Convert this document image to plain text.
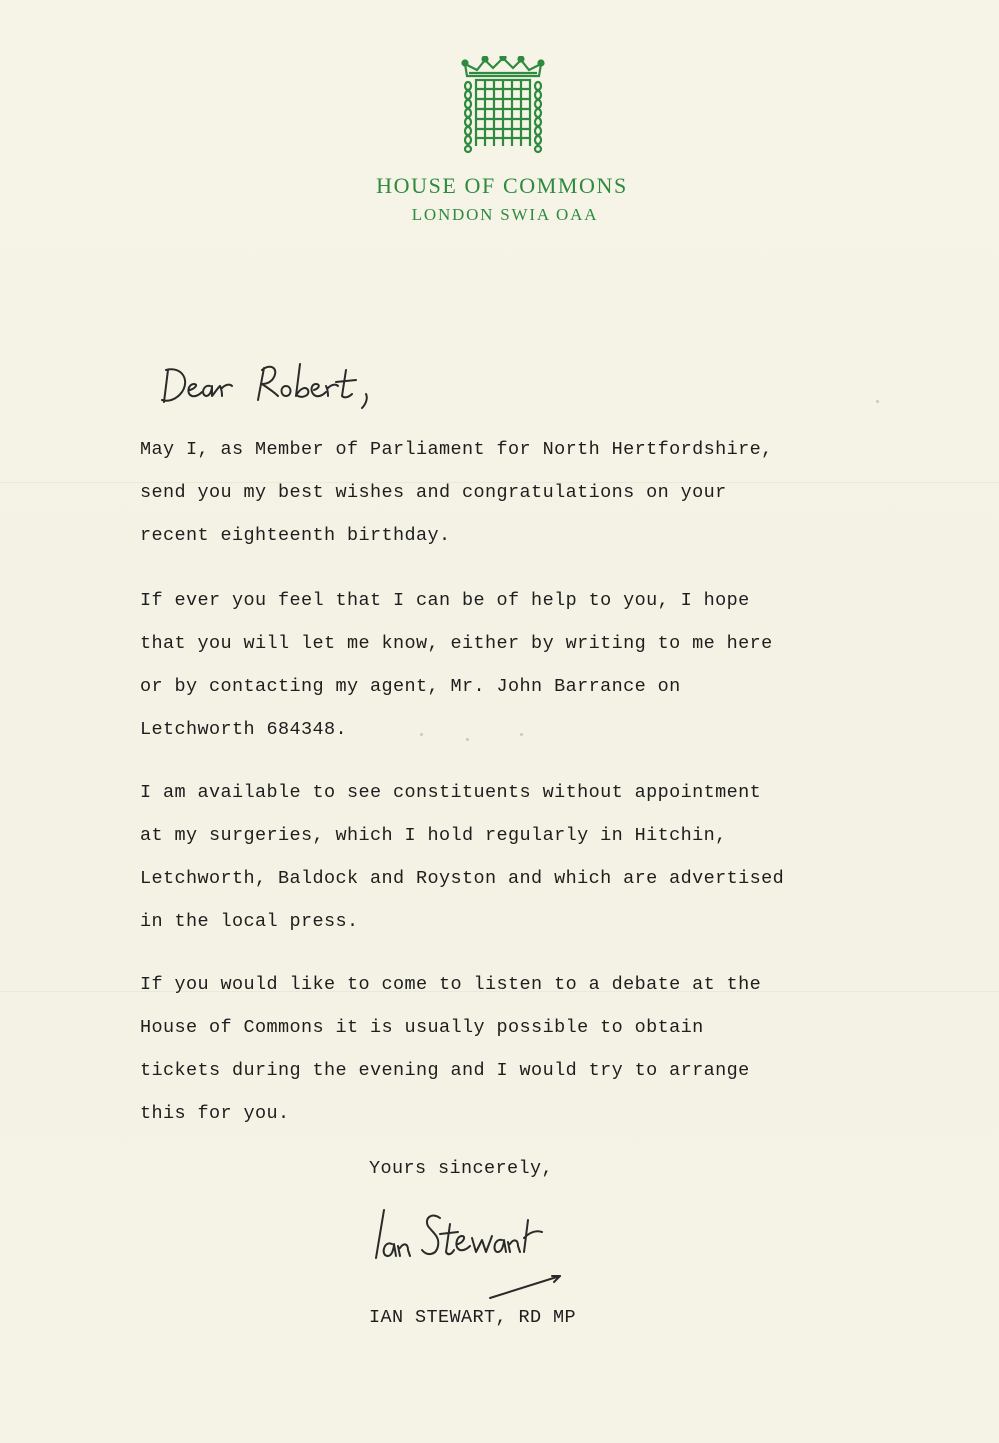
HOUSE OF COMMONS
LONDON SWIA OAA

May I, as Member of Parliament for North Hertfordshire,
send you my best wishes and congratulations on your
recent eighteenth birthday.

If ever you feel that I can be of help to you, I hope
that you will let me know, either by writing to me here
or by contacting my agent, Mr. John Barrance on
Letchworth 684348.

I am available to see constituents without appointment
at my surgeries, which I hold regularly in Hitchin,
Letchworth, Baldock and Royston and which are advertised
in the local press.

If you would like to come to listen to a debate at the
House of Commons it is usually possible to obtain
tickets during the evening and I would try to arrange
this for you.

Yours sincerely,

IAN STEWART, RD MP
